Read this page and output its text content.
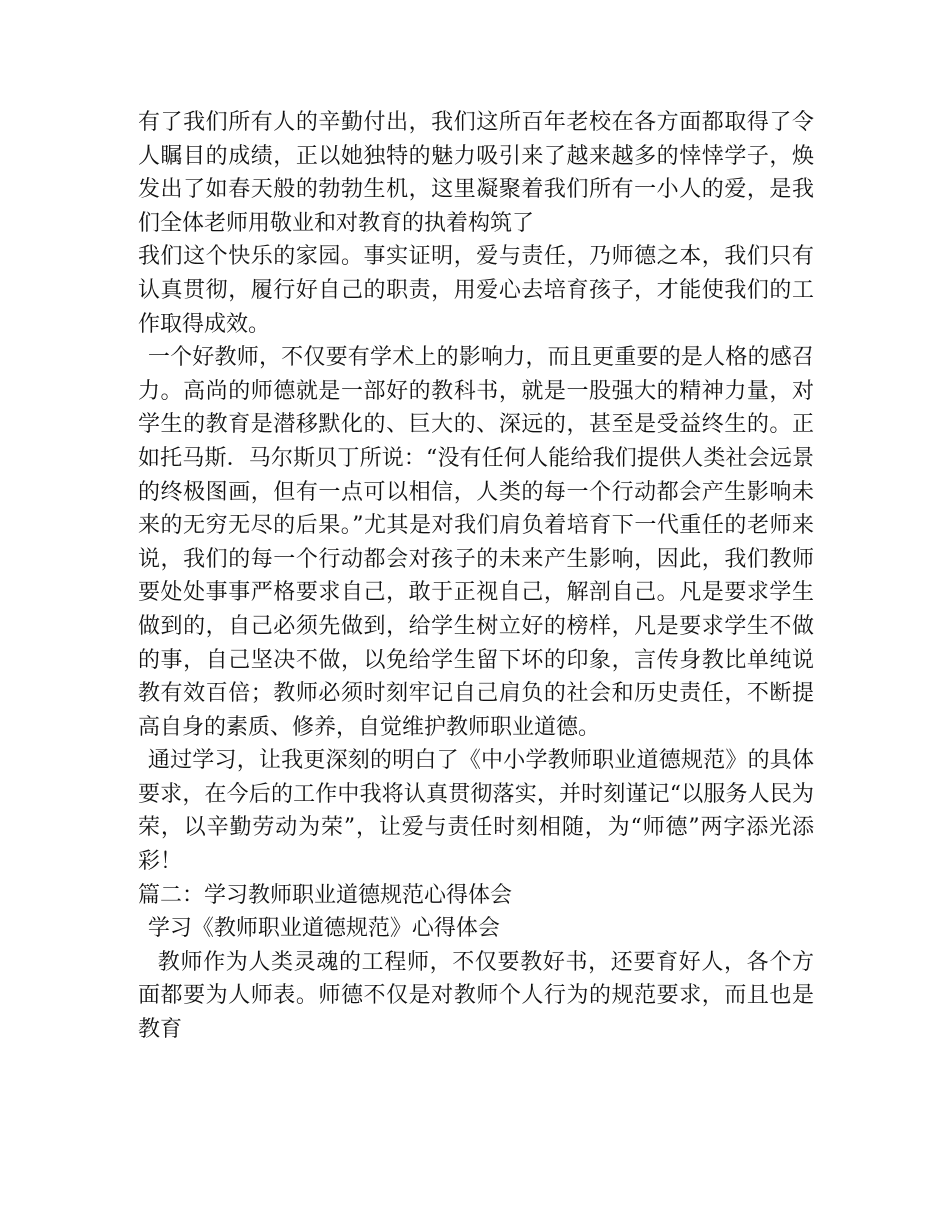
有了我们所有人的辛勤付出，我们这所百年老校在各方面都取得了令人瞩目的成绩，正以她独特的魅力吸引来了越来越多的悻悻学子，焕发出了如春天般的勃勃生机，这里凝聚着我们所有一小人的爱，是我们全体老师用敬业和对教育的执着构筑了

我们这个快乐的家园。事实证明，爱与责任，乃师德之本，我们只有认真贯彻，履行好自己的职责，用爱心去培育孩子，才能使我们的工作取得成效。

一个好教师，不仅要有学术上的影响力，而且更重要的是人格的感召力。高尚的师德就是一部好的教科书，就是一股强大的精神力量，对学生的教育是潜移默化的、巨大的、深远的，甚至是受益终生的。正如托马斯．马尔斯贝丁所说：“没有任何人能给我们提供人类社会远景的终极图画，但有一点可以相信，人类的每一个行动都会产生影响未来的无穷无尽的后果。”尤其是对我们肩负着培育下一代重任的老师来说，我们的每一个行动都会对孩子的未来产生影响，因此，我们教师要处处事事严格要求自己，敢于正视自己，解剖自己。凡是要求学生做到的，自己必须先做到，给学生树立好的榜样，凡是要求学生不做的事，自己坚决不做，以免给学生留下坏的印象，言传身教比单纯说教有效百倍；教师必须时刻牢记自己肩负的社会和历史责任，不断提高自身的素质、修养，自觉维护教师职业道德。

通过学习，让我更深刻的明白了《中小学教师职业道德规范》的具体要求，在今后的工作中我将认真贯彻落实，并时刻谨记“以服务人民为荣，以辛勤劳动为荣”，让爱与责任时刻相随，为“师德”两字添光添彩！

篇二：学习教师职业道德规范心得体会

学习《教师职业道德规范》心得体会

教师作为人类灵魂的工程师，不仅要教好书，还要育好人，各个方面都要为人师表。师德不仅是对教师个人行为的规范要求，而且也是教育
